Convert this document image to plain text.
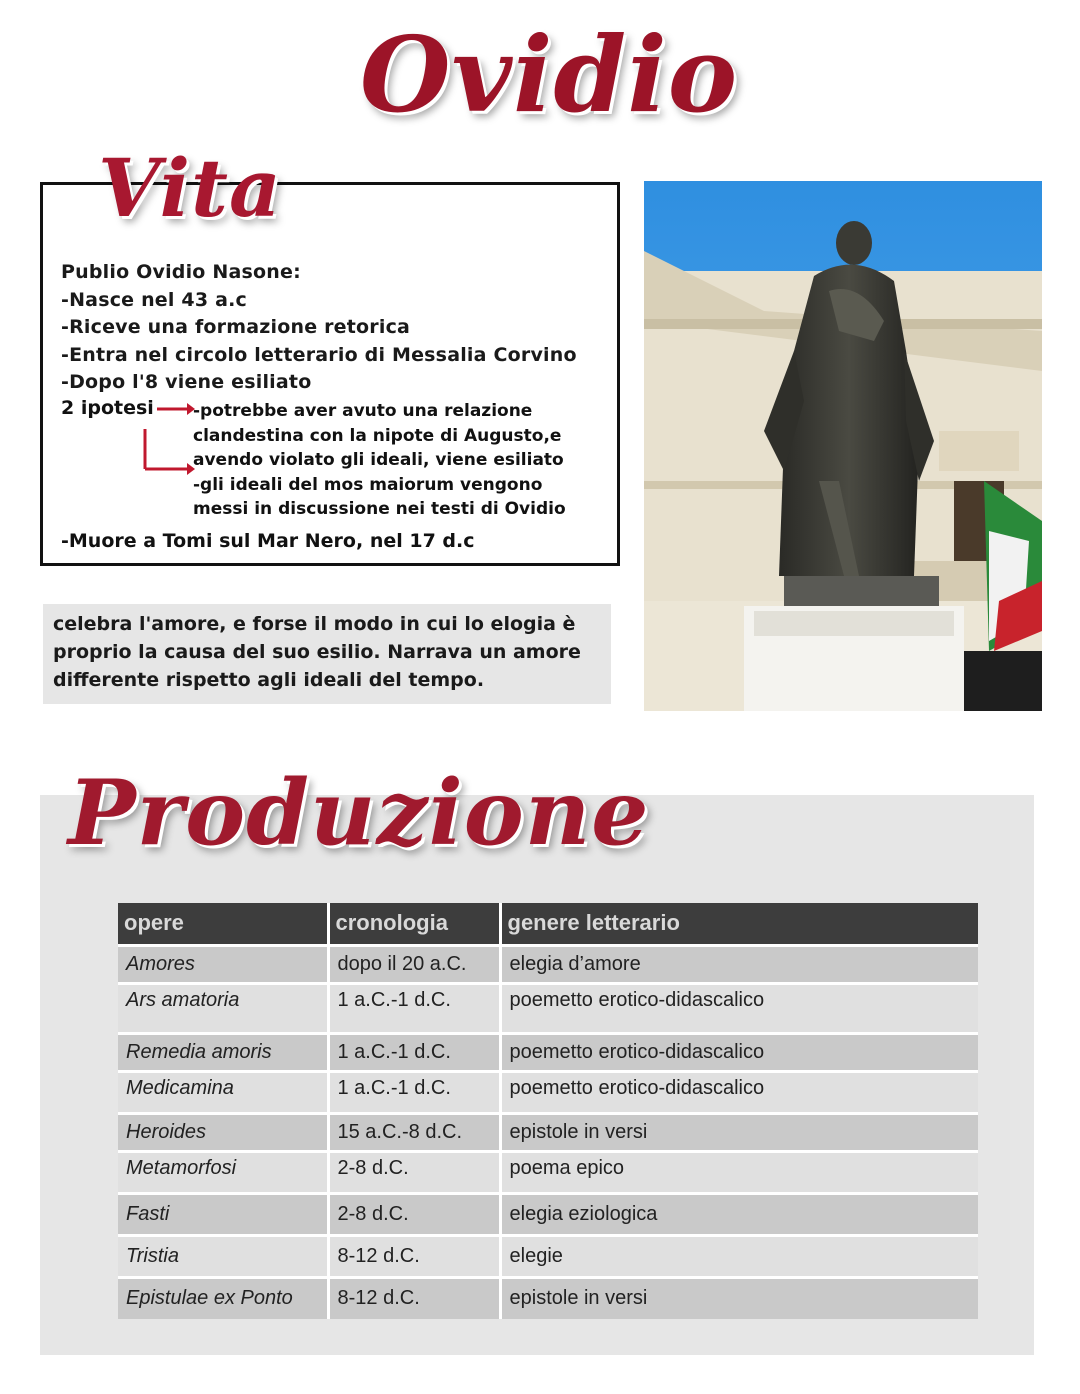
Ovidio
Vita
Publio Ovidio Nasone:
-Nasce nel 43 a.c
-Riceve una formazione retorica
-Entra nel circolo letterario di Messalia Corvino
-Dopo l'8 viene esiliato
2 ipotesi -potrebbe aver avuto una relazione
clandestina con la nipote di Augusto,e
avendo violato gli ideali, viene esiliato
-gli ideali del mos maiorum vengono
messi in discussione nei testi di Ovidio
-Muore a Tomi sul Mar Nero, nel 17 d.c
celebra l'amore, e forse il modo in cui lo elogia è
proprio la causa del suo esilio. Narrava un amore
differente rispetto agli ideali del tempo.
Produzione
opere	cronologia	genere letterario
Amores	dopo il 20 a.C.	elegia d’amore
Ars amatoria	1 a.C.-1 d.C.	poemetto erotico-didascalico
Remedia amoris	1 a.C.-1 d.C.	poemetto erotico-didascalico
Medicamina	1 a.C.-1 d.C.	poemetto erotico-didascalico
Heroides	15 a.C.-8 d.C.	epistole in versi
Metamorfosi	2-8 d.C.	poema epico
Fasti	2-8 d.C.	elegia eziologica
Tristia	8-12 d.C.	elegie
Epistulae ex Ponto	8-12 d.C.	epistole in versi
